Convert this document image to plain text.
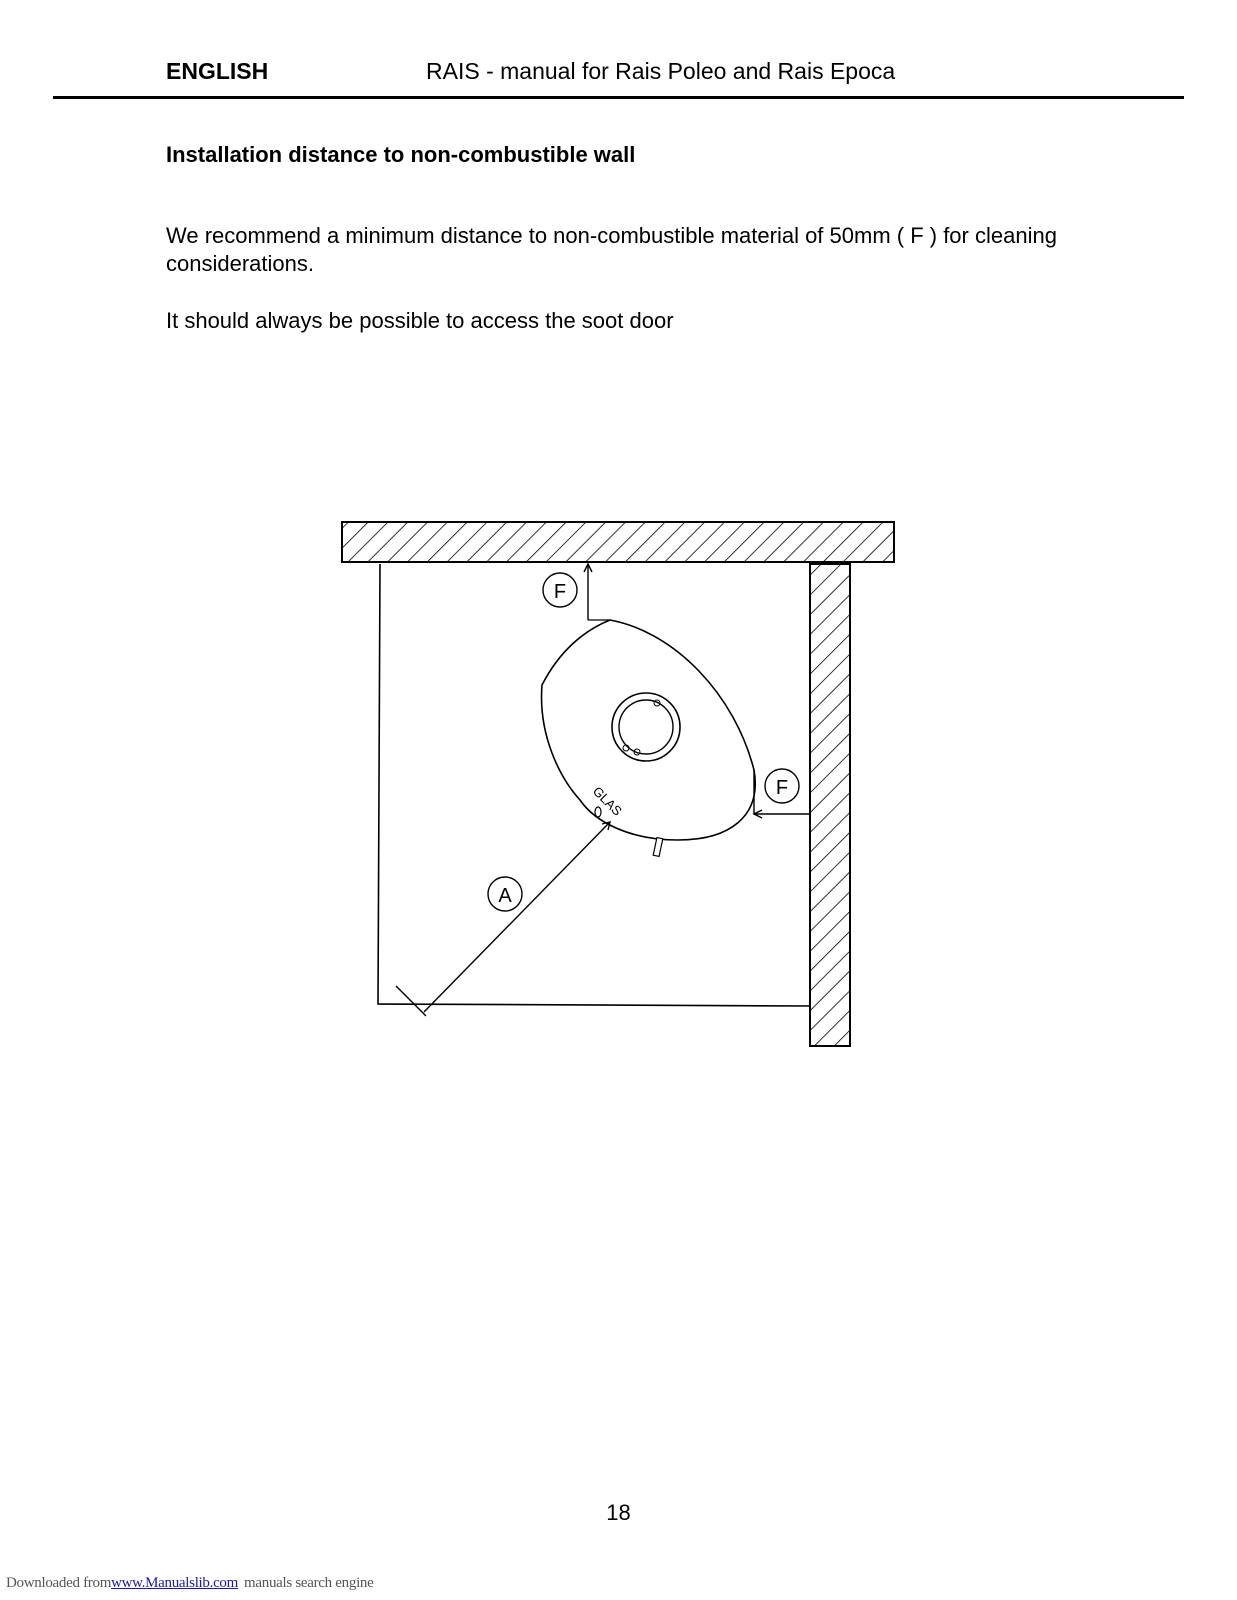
ENGLISH	RAIS - manual for Rais Poleo and Rais Epoca
Installation distance to non-combustible wall
We recommend a minimum distance to non-combustible material of 50mm ( F ) for cleaning considerations.
It should always be possible to access the soot door
GLAS
F
F
A
18
Downloaded fromwww.Manualslib.com manuals search engine
